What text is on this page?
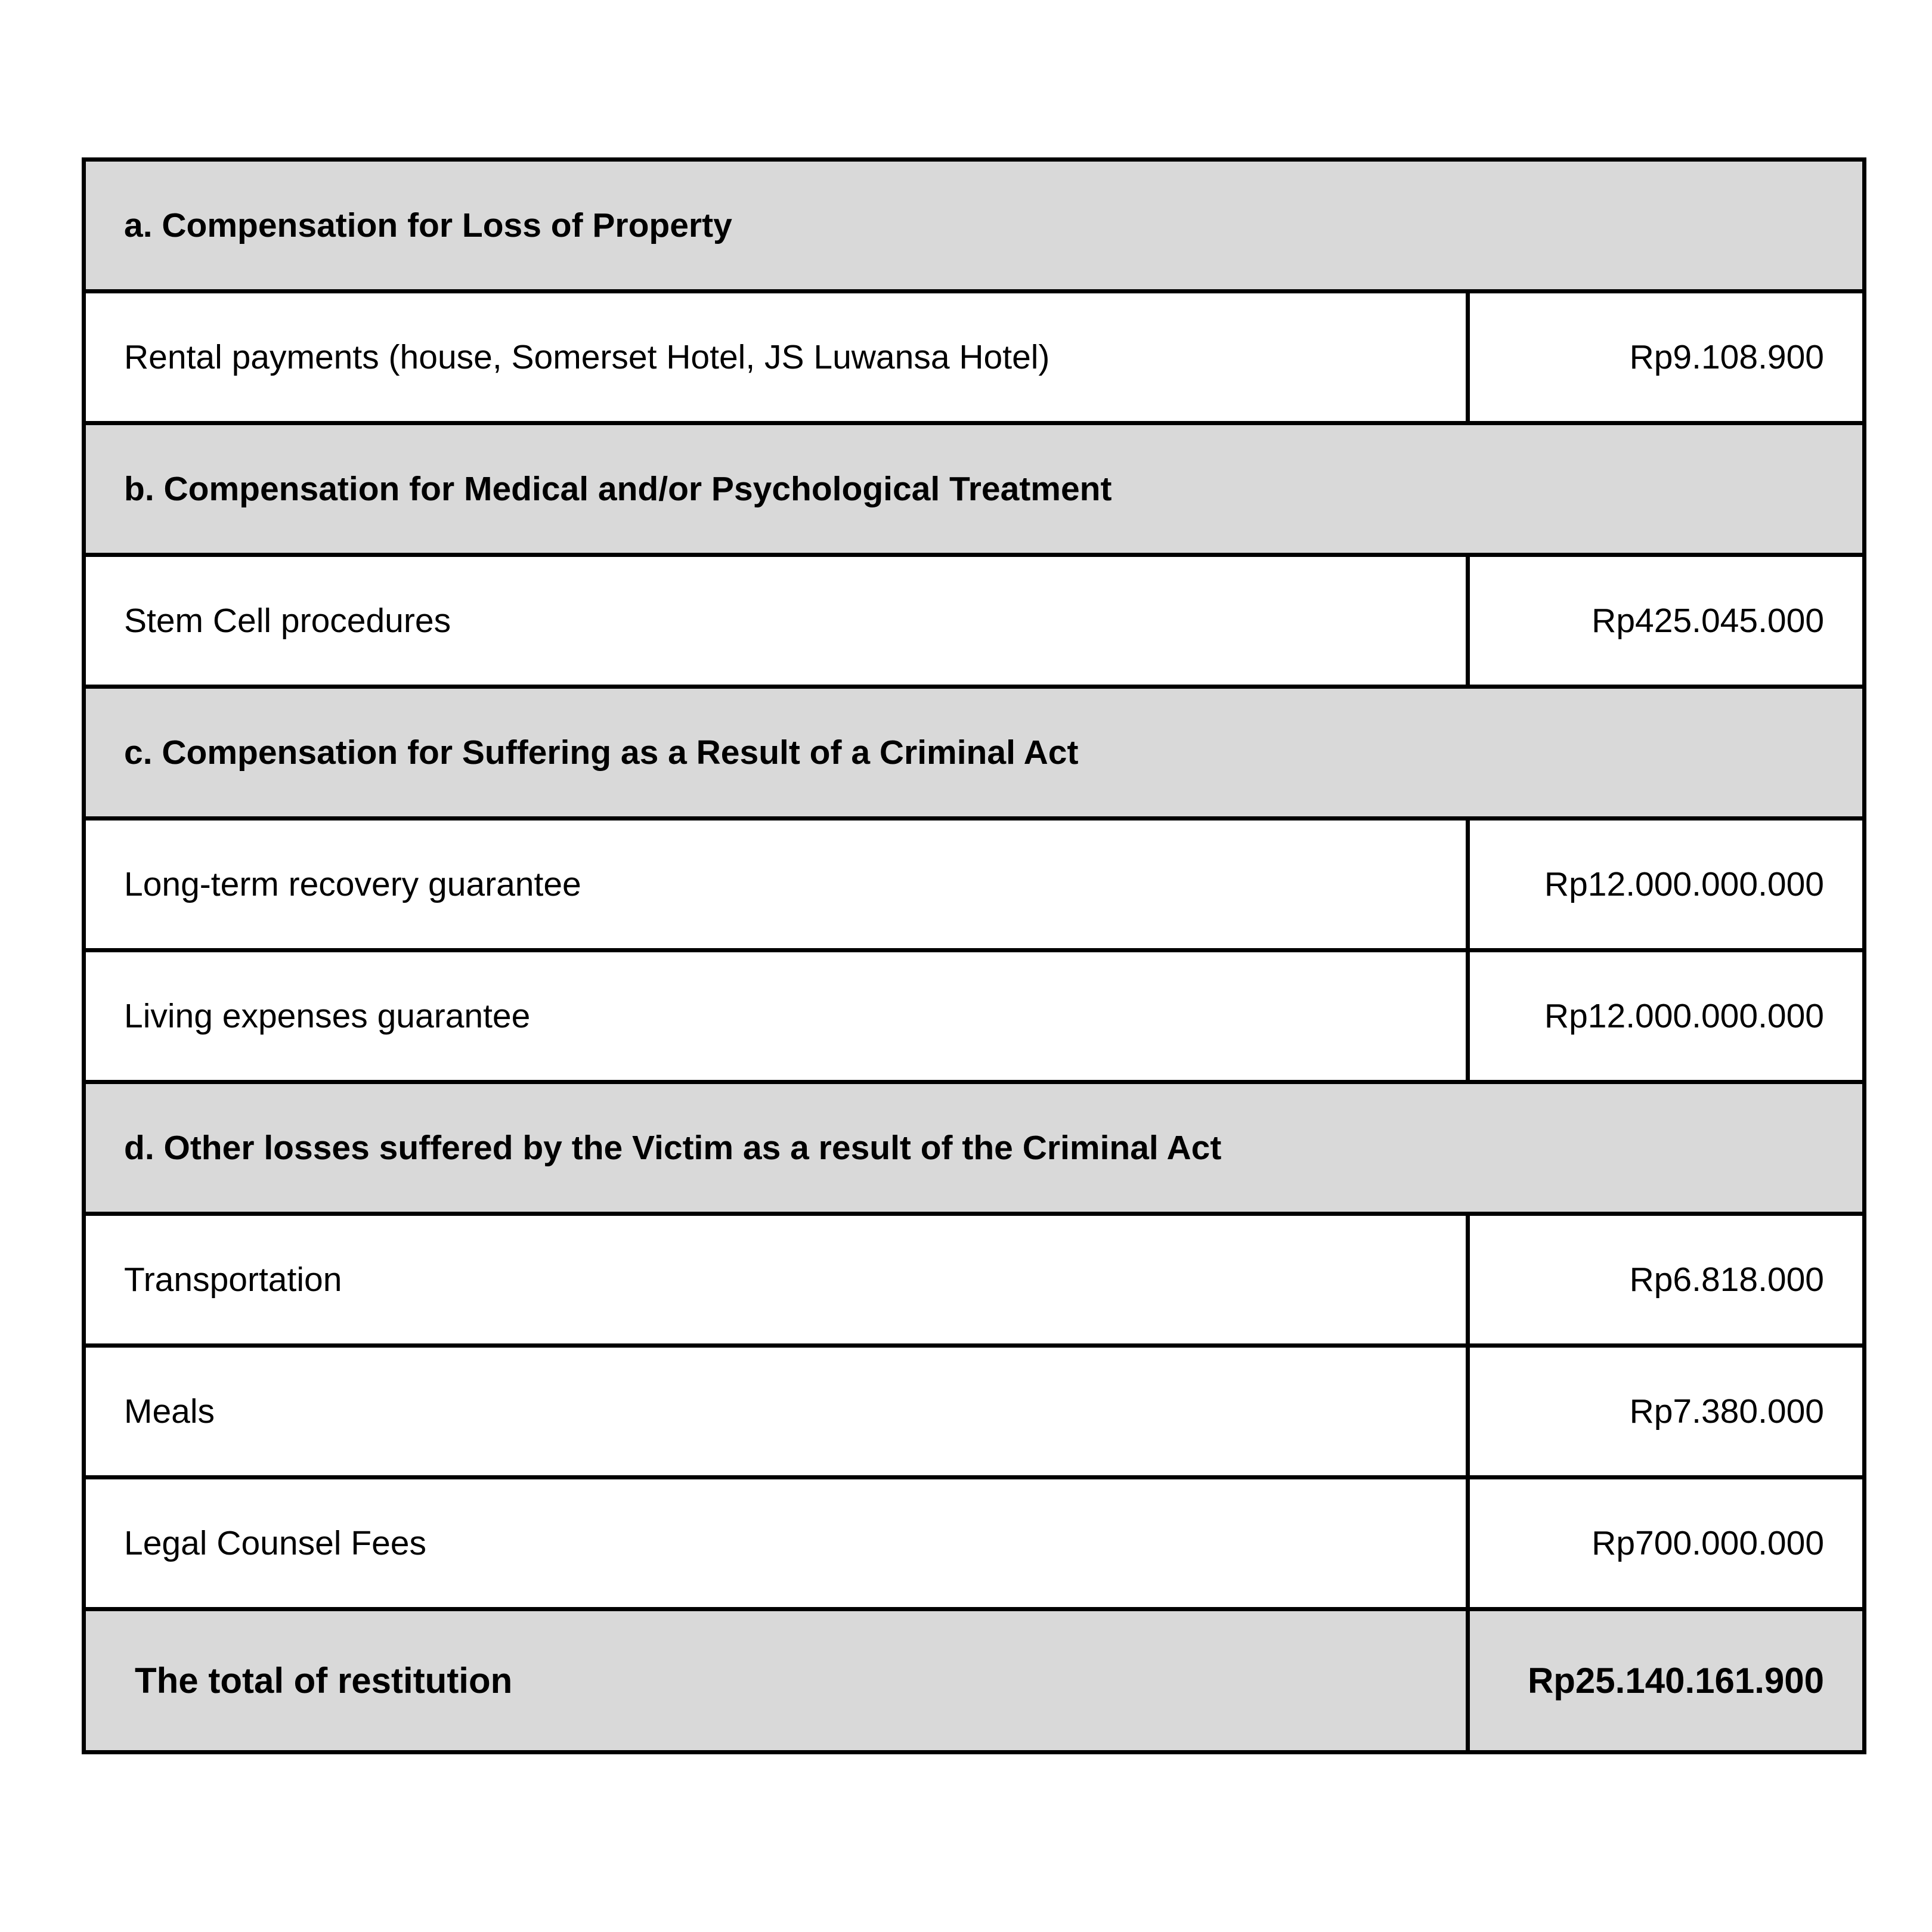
a. Compensation for Loss of Property	
Rental payments (house, Somerset Hotel, JS Luwansa Hotel)	Rp9.108.900
b. Compensation for Medical and/or Psychological Treatment	
Stem Cell procedures	Rp425.045.000
c. Compensation for Suffering as a Result of a Criminal Act	
Long-term recovery guarantee	Rp12.000.000.000
Living expenses guarantee	Rp12.000.000.000
d. Other losses suffered by the Victim as a result of the Criminal Act	
Transportation	Rp6.818.000
Meals	Rp7.380.000
Legal Counsel Fees	Rp700.000.000
The total of restitution	Rp25.140.161.900
